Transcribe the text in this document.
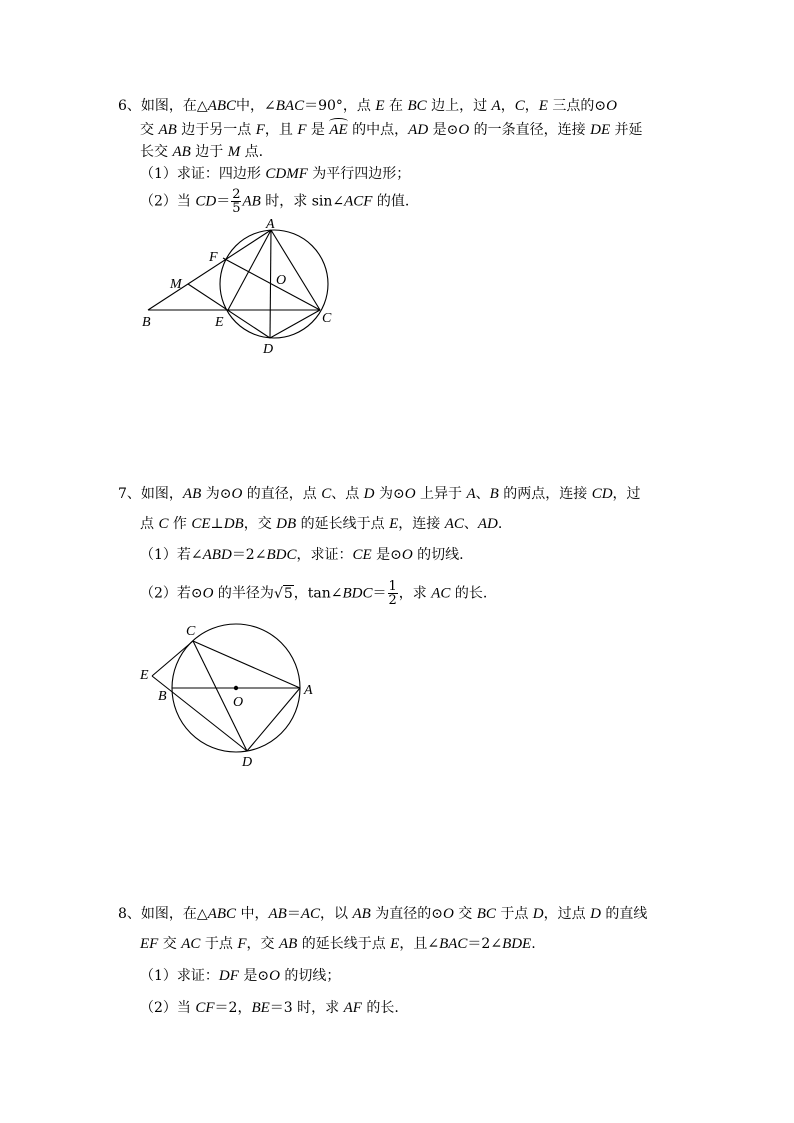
6、如图，在△ABC中，∠BAC＝90°，点 E 在 BC 边上，过 A，C，E 三点的⊙O
交 AB 边于另一点 F，且 F 是 AE 的中点，AD 是⊙O 的一条直径，连接 DE 并延
长交 AB 边于 M 点.
（1）求证：四边形 CDMF 为平行四边形；
（2）当 $CD= \frac{2}{5}$ AB 时，求 sin∠ACF 的值.
A
F
M	O
B	E	C
D
C
E
B	O
A
D
7、如图，AB 为⊙O 的直径，点 C、点 D 为⊙O 上异于 A、B 的两点，连接 CD，过
点 C 作 CE⊥DB，交 DB 的延长线于点 E，连接 AC、AD.
（1）若∠ABD＝2∠BDC，求证：CE 是⊙O 的切线.
（2）若⊙O 的半径为√5，tan∠BDC＝ $\frac{1}{2}$ ，求 AC 的长.
8、如图，在△ABC 中，AB＝AC，以 AB 为直径的⊙O 交 BC 于点 D，过点 D 的直线
EF 交 AC 于点 F，交 AB 的延长线于点 E，且∠BAC＝2∠BDE.
（1）求证：DF 是⊙O 的切线；
（2）当 CF＝2，BE＝3 时，求 AF 的长.
